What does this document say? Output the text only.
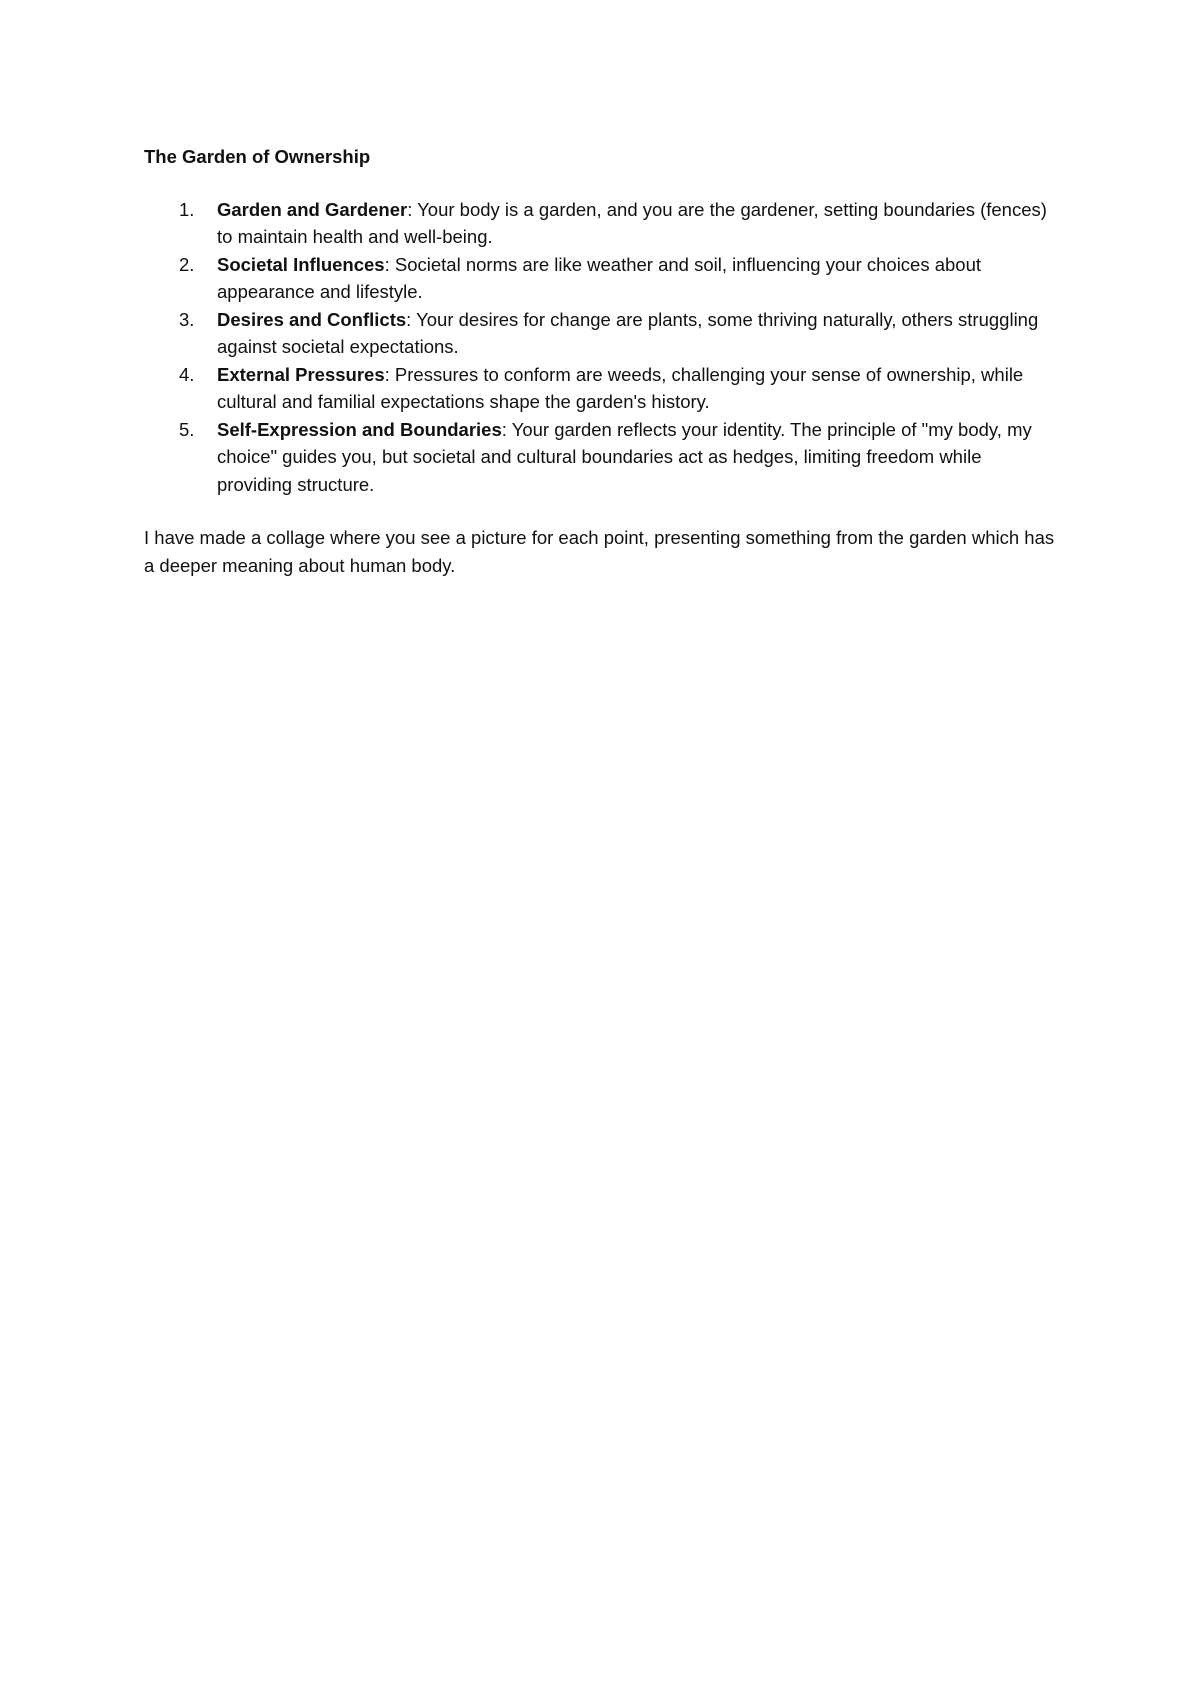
The Garden of Ownership
1. Garden and Gardener: Your body is a garden, and you are the gardener, setting boundaries (fences) to maintain health and well-being.
2. Societal Influences: Societal norms are like weather and soil, influencing your choices about appearance and lifestyle.
3. Desires and Conflicts: Your desires for change are plants, some thriving naturally, others struggling against societal expectations.
4. External Pressures: Pressures to conform are weeds, challenging your sense of ownership, while cultural and familial expectations shape the garden's history.
5. Self-Expression and Boundaries: Your garden reflects your identity. The principle of "my body, my choice" guides you, but societal and cultural boundaries act as hedges, limiting freedom while providing structure.

I have made a collage where you see a picture for each point, presenting something from the garden which has a deeper meaning about human body.
